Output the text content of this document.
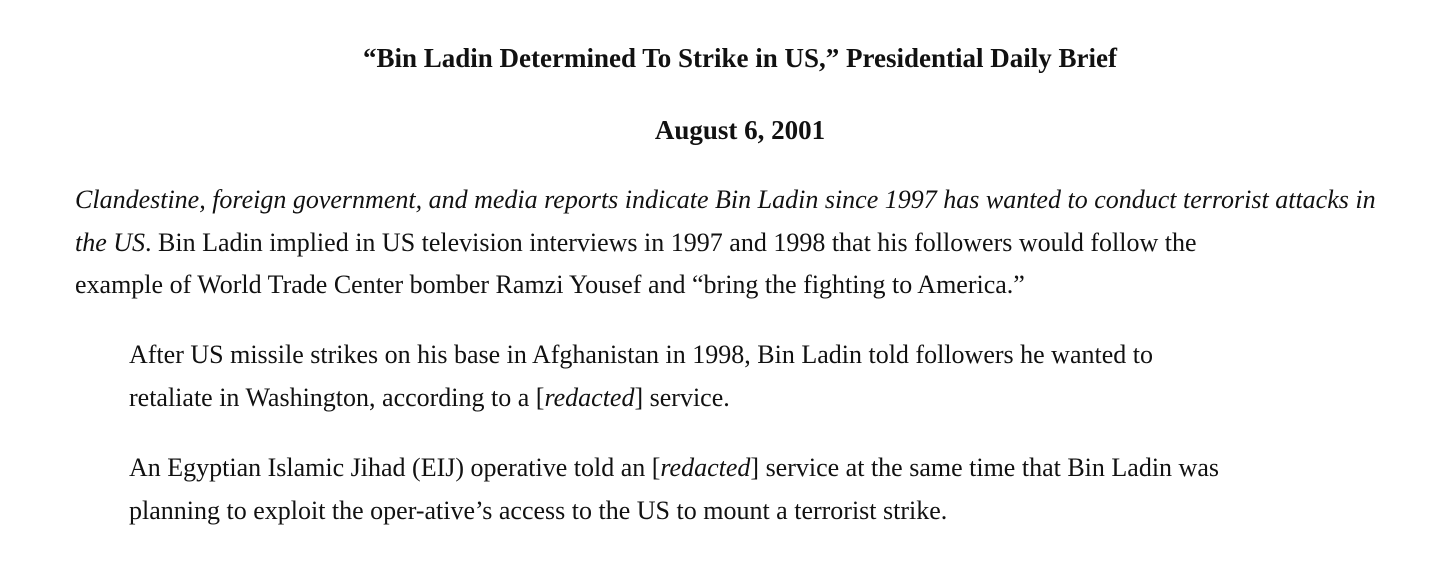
“Bin Ladin Determined To Strike in US,” Presidential Daily Brief
August 6, 2001
Clandestine, foreign government, and media reports indicate Bin Ladin since 1997 has wanted to conduct terrorist attacks in
the US. Bin Ladin implied in US television interviews in 1997 and 1998 that his followers would follow the
example of World Trade Center bomber Ramzi Yousef and “bring the fighting to America.”
After US missile strikes on his base in Afghanistan in 1998, Bin Ladin told followers he wanted to
retaliate in Washington, according to a [redacted] service.
An Egyptian Islamic Jihad (EIJ) operative told an [redacted] service at the same time that Bin Ladin was
planning to exploit the oper-ative’s access to the US to mount a terrorist strike.
